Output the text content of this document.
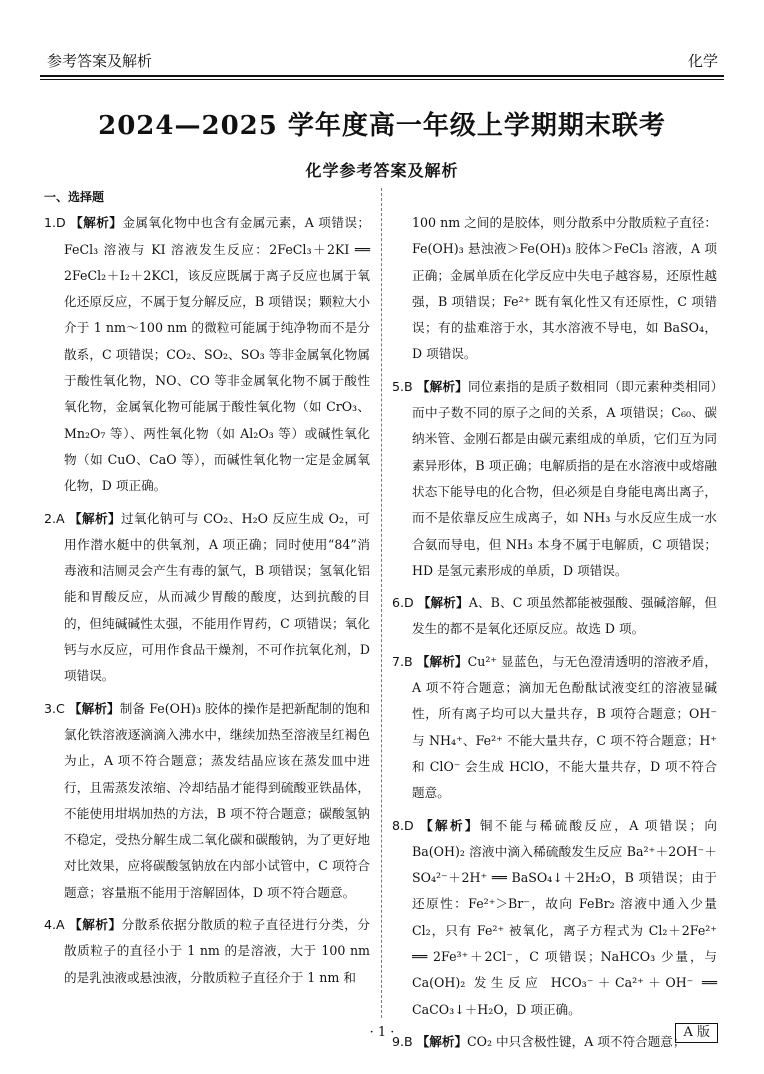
参考答案及解析	化学
2024—2025 学年度高一年级上学期期末联考
化学参考答案及解析
一、选择题

1.D 【解析】金属氧化物中也含有金属元素，A 项错误；FeCl₃ 溶液与 KI 溶液发生反应：2FeCl₃＋2KI ══ 2FeCl₂＋I₂＋2KCl，该反应既属于离子反应也属于氧化还原反应，不属于复分解反应，B 项错误；颗粒大小介于 1 nm～100 nm 的微粒可能属于纯净物而不是分散系，C 项错误；CO₂、SO₂、SO₃ 等非金属氧化物属于酸性氧化物，NO、CO 等非金属氧化物不属于酸性氧化物，金属氧化物可能属于酸性氧化物（如 CrO₃、Mn₂O₇ 等）、两性氧化物（如 Al₂O₃ 等）或碱性氧化物（如 CuO、CaO 等），而碱性氧化物一定是金属氧化物，D 项正确。

2.A 【解析】过氧化钠可与 CO₂、H₂O 反应生成 O₂，可用作潜水艇中的供氧剂，A 项正确；同时使用“84”消毒液和洁厕灵会产生有毒的氯气，B 项错误；氢氧化铝能和胃酸反应，从而减少胃酸的酸度，达到抗酸的目的，但纯碱碱性太强，不能用作胃药，C 项错误；氧化钙与水反应，可用作食品干燥剂，不可作抗氧化剂，D 项错误。

3.C 【解析】制备 Fe(OH)₃ 胶体的操作是把新配制的饱和氯化铁溶液逐滴滴入沸水中，继续加热至溶液呈红褐色为止，A 项不符合题意；蒸发结晶应该在蒸发皿中进行，且需蒸发浓缩、冷却结晶才能得到硫酸亚铁晶体，不能使用坩埚加热的方法，B 项不符合题意；碳酸氢钠不稳定，受热分解生成二氧化碳和碳酸钠，为了更好地对比效果，应将碳酸氢钠放在内部小试管中，C 项符合题意；容量瓶不能用于溶解固体，D 项不符合题意。

4.A 【解析】分散系依据分散质的粒子直径进行分类，分散质粒子的直径小于 1 nm 的是溶液，大于 100 nm 的是乳浊液或悬浊液，分散质粒子直径介于 1 nm 和

100 nm 之间的是胶体，则分散系中分散质粒子直径：Fe(OH)₃ 悬浊液＞Fe(OH)₃ 胶体＞FeCl₃ 溶液，A 项正确；金属单质在化学反应中失电子越容易，还原性越强，B 项错误；Fe²⁺ 既有氧化性又有还原性，C 项错误；有的盐难溶于水，其水溶液不导电，如 BaSO₄，D 项错误。

5.B 【解析】同位素指的是质子数相同（即元素种类相同）而中子数不同的原子之间的关系，A 项错误；C₆₀、碳纳米管、金刚石都是由碳元素组成的单质，它们互为同素异形体，B 项正确；电解质指的是在水溶液中或熔融状态下能导电的化合物，但必须是自身能电离出离子，而不是依靠反应生成离子，如 NH₃ 与水反应生成一水合氨而导电，但 NH₃ 本身不属于电解质，C 项错误；HD 是氢元素形成的单质，D 项错误。

6.D 【解析】A、B、C 项虽然都能被强酸、强碱溶解，但发生的都不是氧化还原反应。故选 D 项。

7.B 【解析】Cu²⁺ 显蓝色，与无色澄清透明的溶液矛盾，A 项不符合题意；滴加无色酚酞试液变红的溶液显碱性，所有离子均可以大量共存，B 项符合题意；OH⁻ 与 NH₄⁺、Fe²⁺ 不能大量共存，C 项不符合题意；H⁺ 和 ClO⁻ 会生成 HClO，不能大量共存，D 项不符合题意。

8.D 【解析】铜不能与稀硫酸反应，A 项错误；向 Ba(OH)₂ 溶液中滴入稀硫酸发生反应 Ba²⁺＋2OH⁻＋SO₄²⁻＋2H⁺ ══ BaSO₄↓＋2H₂O，B 项错误；由于还原性：Fe²⁺＞Br⁻，故向 FeBr₂ 溶液中通入少量 Cl₂，只有 Fe²⁺ 被氧化，离子方程式为 Cl₂＋2Fe²⁺ ══ 2Fe³⁺＋2Cl⁻，C 项错误；NaHCO₃ 少量，与 Ca(OH)₂ 发生反应 HCO₃⁻＋Ca²⁺＋OH⁻ ══ CaCO₃↓＋H₂O，D 项正确。

9.B 【解析】CO₂ 中只含极性键，A 项不符合题意；

· 1 ·	A 版
